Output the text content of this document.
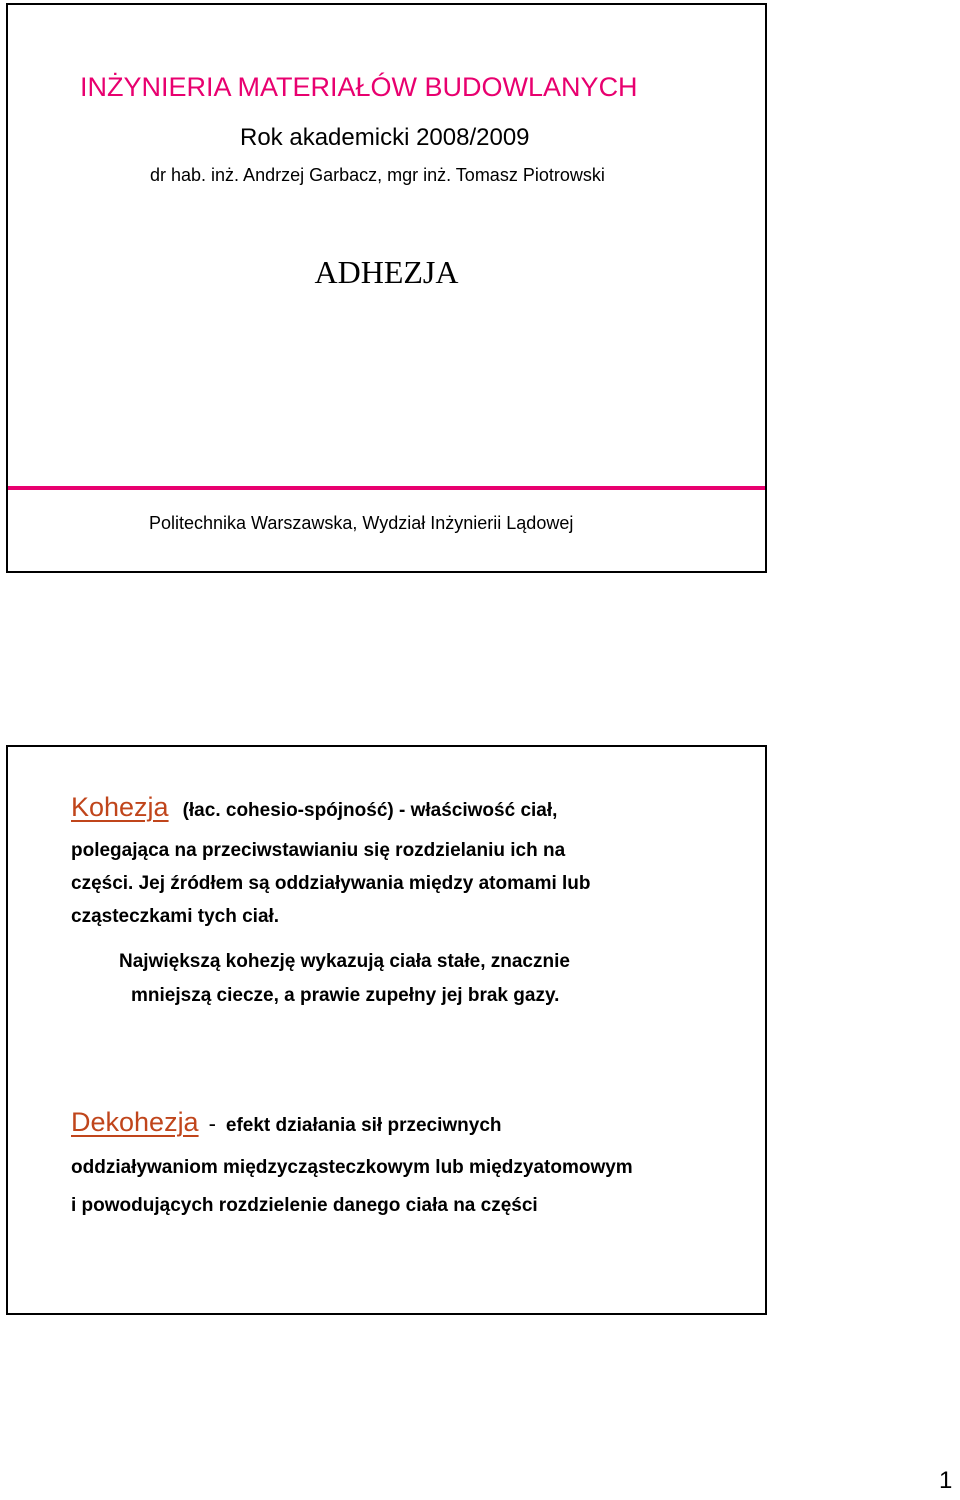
INŻYNIERIA MATERIAŁÓW BUDOWLANYCH
Rok akademicki 2008/2009
dr hab. inż. Andrzej Garbacz, mgr inż. Tomasz Piotrowski
ADHEZJA
Politechnika Warszawska, Wydział Inżynierii Lądowej
Kohezja (łac. cohesio-spójność) - właściwość ciał,
polegająca na przeciwstawianiu się rozdzielaniu ich na
części. Jej źródłem są oddziaływania między atomami lub
cząsteczkami tych ciał.
Największą kohezję wykazują ciała stałe, znacznie
mniejszą ciecze, a prawie zupełny jej brak gazy.
Dekohezja - efekt działania sił przeciwnych
oddziaływaniom międzycząsteczkowym lub międzyatomowym
i powodujących rozdzielenie danego ciała na części
1
